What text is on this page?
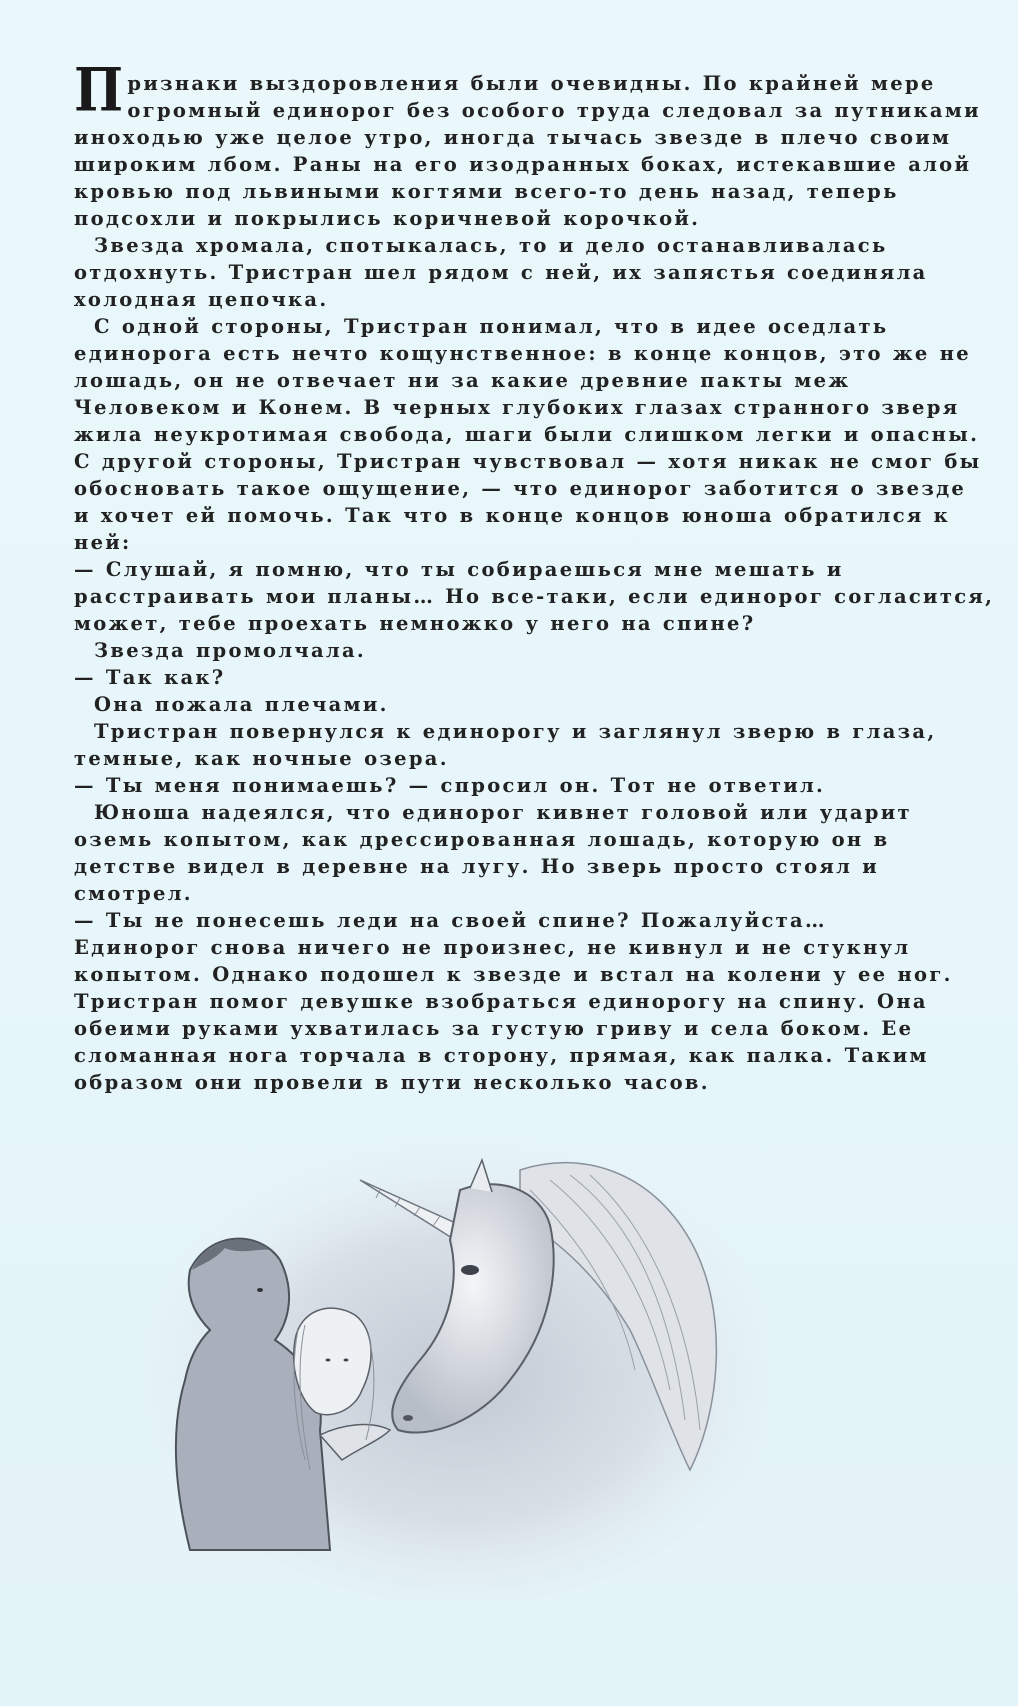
Признаки выздоровления были очевидны. По крайней мере
огромный единорог без особого труда следовал за путниками
иноходью уже целое утро, иногда тычась звезде в плечо своим
широким лбом. Раны на его изодранных боках, истекавшие алой
кровью под львиными когтями всего-то день назад, теперь
подсохли и покрылись коричневой корочкой.
Звезда хромала, спотыкалась, то и дело останавливалась
отдохнуть. Тристран шел рядом с ней, их запястья соединяла
холодная цепочка.
С одной стороны, Тристран понимал, что в идее оседлать
единорога есть нечто кощунственное: в конце концов, это же не
лошадь, он не отвечает ни за какие древние пакты меж
Человеком и Конем. В черных глубоких глазах странного зверя
жила неукротимая свобода, шаги были слишком легки и опасны.
С другой стороны, Тристран чувствовал — хотя никак не смог бы
обосновать такое ощущение, — что единорог заботится о звезде
и хочет ей помочь. Так что в конце концов юноша обратился к
ней:
— Слушай, я помню, что ты собираешься мне мешать и
расстраивать мои планы… Но все-таки, если единорог согласится,
может, тебе проехать немножко у него на спине?
Звезда промолчала.
— Так как?
Она пожала плечами.
Тристран повернулся к единорогу и заглянул зверю в глаза,
темные, как ночные озера.
— Ты меня понимаешь? — спросил он. Тот не ответил.
Юноша надеялся, что единорог кивнет головой или ударит
оземь копытом, как дрессированная лошадь, которую он в
детстве видел в деревне на лугу. Но зверь просто стоял и
смотрел.
— Ты не понесешь леди на своей спине? Пожалуйста…
Единорог снова ничего не произнес, не кивнул и не стукнул
копытом. Однако подошел к звезде и встал на колени у ее ног.
Тристран помог девушке взобраться единорогу на спину. Она
обеими руками ухватилась за густую гриву и села боком. Ее
сломанная нога торчала в сторону, прямая, как палка. Таким
образом они провели в пути несколько часов.
